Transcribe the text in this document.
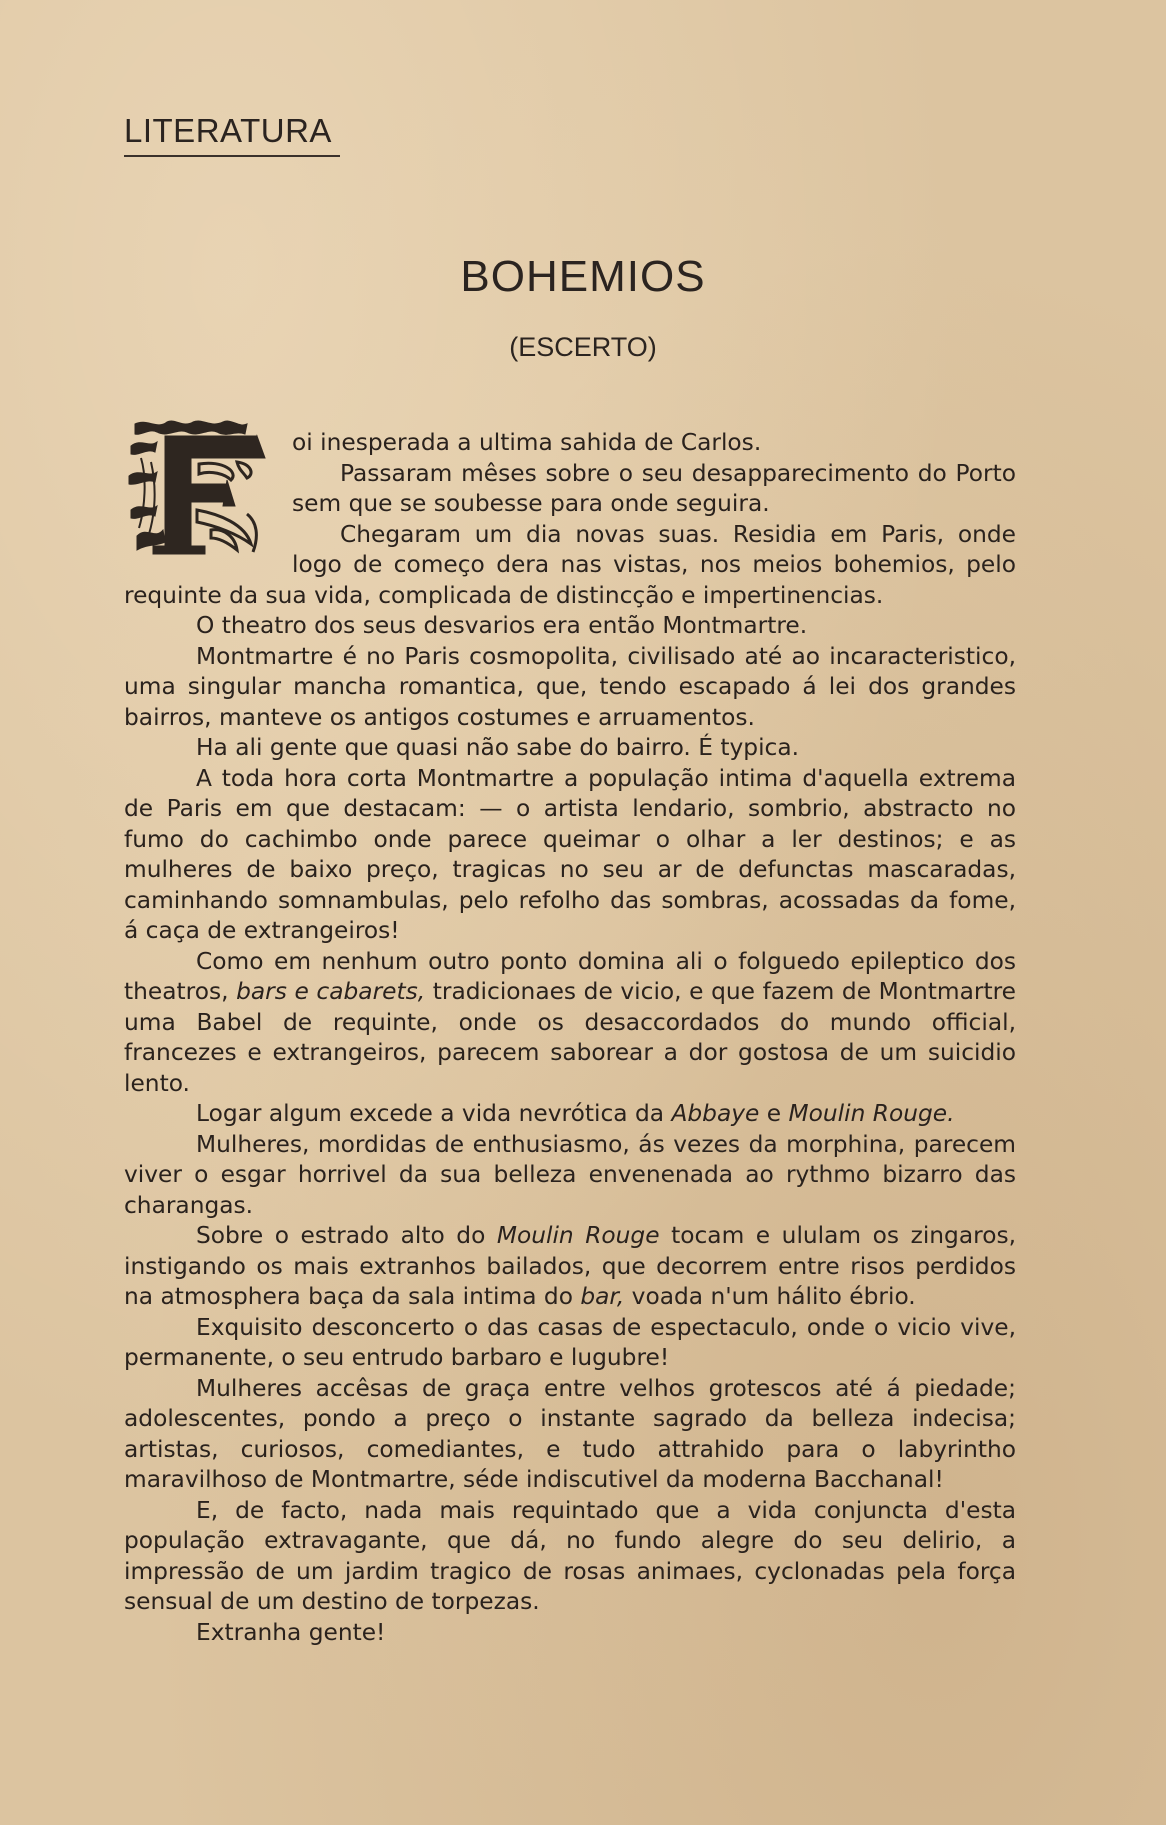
LITERATURA
BOHEMIOS
(ESCERTO)

oi inesperada a ultima sahida de Carlos.

Passaram mêses sobre o seu desapparecimento do Porto sem que se soubesse para onde seguira.

Chegaram um dia novas suas. Residia em Paris, onde logo de começo dera nas vistas, nos meios bohemios, pelo requinte da sua vida, complicada de distincção e impertinencias.

O theatro dos seus desvarios era então Montmartre.

Montmartre é no Paris cosmopolita, civilisado até ao incaracteristico, uma singular mancha romantica, que, tendo escapado á lei dos grandes bairros, manteve os antigos costumes e arruamentos.

Ha ali gente que quasi não sabe do bairro. É typica.

A toda hora corta Montmartre a população intima d'aquella extrema de Paris em que destacam: — o artista lendario, sombrio, abstracto no fumo do cachimbo onde parece queimar o olhar a ler destinos; e as mulheres de baixo preço, tragicas no seu ar de defunctas mascaradas, caminhando somnambulas, pelo refolho das sombras, acossadas da fome, á caça de extrangeiros!

Como em nenhum outro ponto domina ali o folguedo epileptico dos theatros, bars e cabarets, tradicionaes de vicio, e que fazem de Montmartre uma Babel de requinte, onde os desaccordados do mundo official, francezes e extrangeiros, parecem saborear a dor gostosa de um suicidio lento.

Logar algum excede a vida nevrótica da Abbaye e Moulin Rouge.

Mulheres, mordidas de enthusiasmo, ás vezes da morphina, parecem viver o esgar horrivel da sua belleza envenenada ao rythmo bizarro das charangas.

Sobre o estrado alto do Moulin Rouge tocam e ululam os zingaros, instigando os mais extranhos bailados, que decorrem entre risos perdidos na atmosphera baça da sala intima do bar, voada n'um hálito ébrio.

Exquisito desconcerto o das casas de espectaculo, onde o vicio vive, permanente, o seu entrudo barbaro e lugubre!

Mulheres accêsas de graça entre velhos grotescos até á piedade; adolescentes, pondo a preço o instante sagrado da belleza indecisa; artistas, curiosos, comediantes, e tudo attrahido para o labyrintho maravilhoso de Montmartre, séde indiscutivel da moderna Bacchanal!

E, de facto, nada mais requintado que a vida conjuncta d'esta população extravagante, que dá, no fundo alegre do seu delirio, a impressão de um jardim tragico de rosas animaes, cyclonadas pela força sensual de um destino de torpezas.

Extranha gente!
